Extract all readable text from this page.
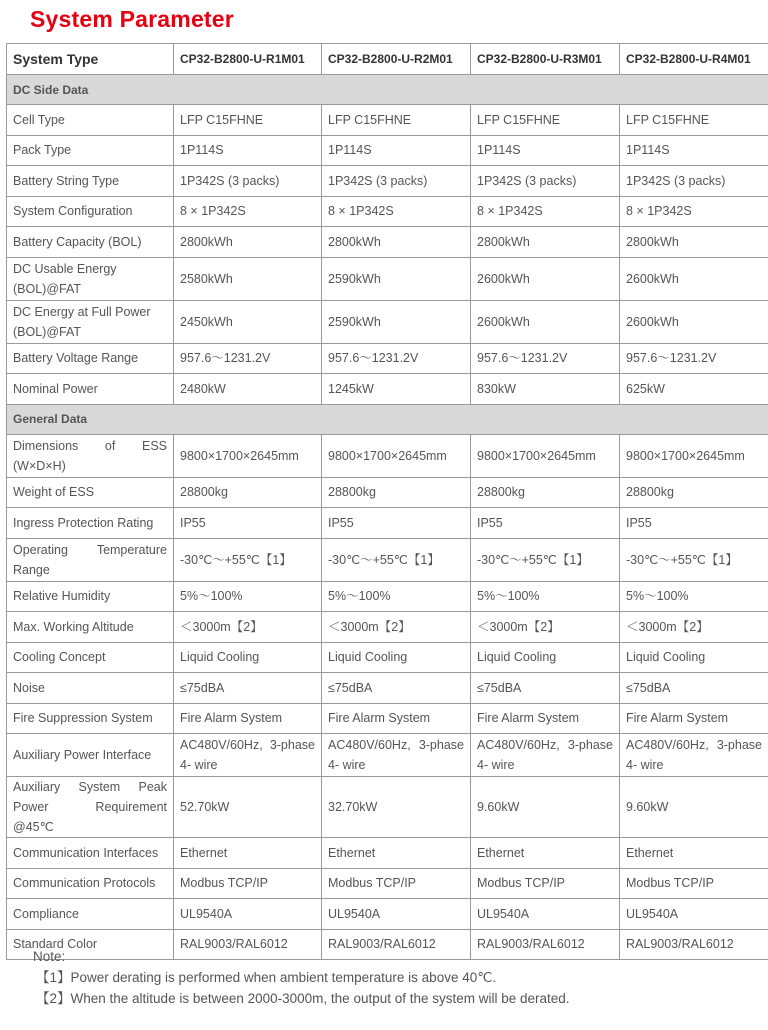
System Parameter
System Type	CP32-B2800-U-R1M01	CP32-B2800-U-R2M01	CP32-B2800-U-R3M01	CP32-B2800-U-R4M01
DC Side Data				
Cell Type	LFP C15FHNE	LFP C15FHNE	LFP C15FHNE	LFP C15FHNE
Pack Type	1P114S	1P114S	1P114S	1P114S
Battery String Type	1P342S (3 packs)	1P342S (3 packs)	1P342S (3 packs)	1P342S (3 packs)
System Configuration	8 × 1P342S	8 × 1P342S	8 × 1P342S	8 × 1P342S
Battery Capacity (BOL)	2800kWh	2800kWh	2800kWh	2800kWh
DC Usable Energy (BOL)@FAT	2580kWh	2590kWh	2600kWh	2600kWh
DC Energy at Full Power (BOL)@FAT	2450kWh	2590kWh	2600kWh	2600kWh
Battery Voltage Range	957.6～1231.2V	957.6～1231.2V	957.6～1231.2V	957.6～1231.2V
Nominal Power	2480kW	1245kW	830kW	625kW
General Data				
Dimensions of ESS (W×D×H)	9800×1700×2645mm	9800×1700×2645mm	9800×1700×2645mm	9800×1700×2645mm
Weight of ESS	28800kg	28800kg	28800kg	28800kg
Ingress Protection Rating	IP55	IP55	IP55	IP55
Operating Temperature Range	-30℃～+55℃【1】	-30℃～+55℃【1】	-30℃～+55℃【1】	-30℃～+55℃【1】
Relative Humidity	5%～100%	5%～100%	5%～100%	5%～100%
Max. Working Altitude	＜3000m【2】	＜3000m【2】	＜3000m【2】	＜3000m【2】
Cooling Concept	Liquid Cooling	Liquid Cooling	Liquid Cooling	Liquid Cooling
Noise	≤75dBA	≤75dBA	≤75dBA	≤75dBA
Fire Suppression System	Fire Alarm System	Fire Alarm System	Fire Alarm System	Fire Alarm System
Auxiliary Power Interface	AC480V/60Hz, 3-phase 4- wire	AC480V/60Hz, 3-phase 4- wire	AC480V/60Hz, 3-phase 4- wire	AC480V/60Hz, 3-phase 4- wire
Auxiliary System Peak Power Requirement @45℃	52.70kW	32.70kW	9.60kW	9.60kW
Communication Interfaces	Ethernet	Ethernet	Ethernet	Ethernet
Communication Protocols	Modbus TCP/IP	Modbus TCP/IP	Modbus TCP/IP	Modbus TCP/IP
Compliance	UL9540A	UL9540A	UL9540A	UL9540A
Standard Color	RAL9003/RAL6012	RAL9003/RAL6012	RAL9003/RAL6012	RAL9003/RAL6012
Note:
【1】Power derating is performed when ambient temperature is above 40℃.
【2】When the altitude is between 2000-3000m, the output of the system will be derated.
